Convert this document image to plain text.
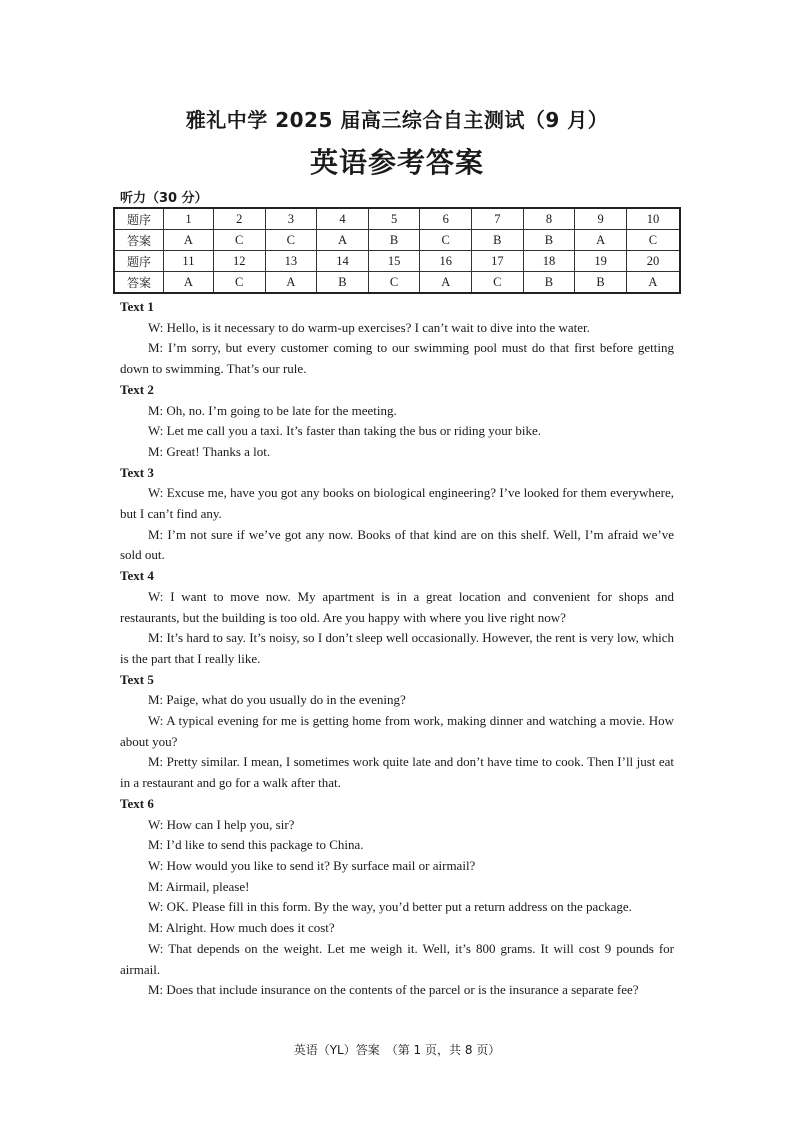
雅礼中学 2025 届高三综合自主测试（9 月）
英语参考答案
听力（30 分）
题序	1	2	3	4	5	6	7	8	9	10
答案	A	C	C	A	B	C	B	B	A	C
题序	11	12	13	14	15	16	17	18	19	20
答案	A	C	A	B	C	A	C	B	B	A

Text 1

W: Hello, is it necessary to do warm-up exercises? I can’t wait to dive into the water.

M: I’m sorry, but every customer coming to our swimming pool must do that first before getting down to swimming. That’s our rule.

Text 2

M: Oh, no. I’m going to be late for the meeting.

W: Let me call you a taxi. It’s faster than taking the bus or riding your bike.

M: Great! Thanks a lot.

Text 3

W: Excuse me, have you got any books on biological engineering? I’ve looked for them everywhere, but I can’t find any.

M: I’m not sure if we’ve got any now. Books of that kind are on this shelf. Well, I’m afraid we’ve sold out.

Text 4

W: I want to move now. My apartment is in a great location and convenient for shops and restaurants, but the building is too old. Are you happy with where you live right now?

M: It’s hard to say. It’s noisy, so I don’t sleep well occasionally. However, the rent is very low, which is the part that I really like.

Text 5

M: Paige, what do you usually do in the evening?

W: A typical evening for me is getting home from work, making dinner and watching a movie. How about you?

M: Pretty similar. I mean, I sometimes work quite late and don’t have time to cook. Then I’ll just eat in a restaurant and go for a walk after that.

Text 6

W: How can I help you, sir?

M: I’d like to send this package to China.

W: How would you like to send it? By surface mail or airmail?

M: Airmail, please!

W: OK. Please fill in this form. By the way, you’d better put a return address on the package.

M: Alright. How much does it cost?

W: That depends on the weight. Let me weigh it. Well, it’s 800 grams. It will cost 9 pounds for airmail.

M: Does that include insurance on the contents of the parcel or is the insurance a separate fee?

英语（YL）答案　（第 1 页，共 8 页）
